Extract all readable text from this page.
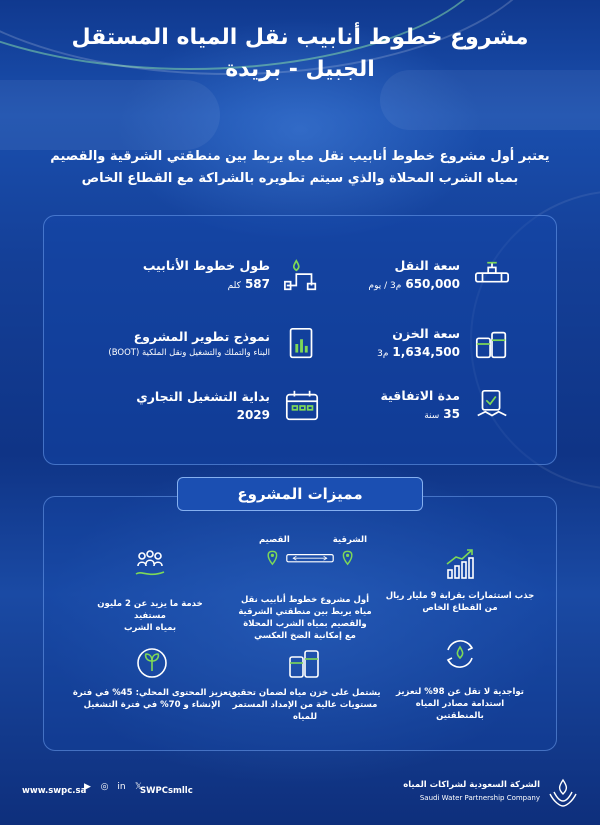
مشروع خطوط أنابيب نقل المياه المستقل
الجبيل - بريدة
يعتبر أول مشروع خطوط أنابيب نقل مياه يربط بين منطقتي الشرقية والقصيم
بمياه الشرب المحلاة والذي سيتم تطويره بالشراكة مع القطاع الخاص
سعة النقل
650,000م3 / يوم
سعة الخزن
1,634,500م3
مدة الاتفاقية
35سنة
طول خطوط الأنابيب
587كلم
نموذج تطوير المشروع
البناء والتملك والتشغيل ونقل الملكية (BOOT)
بداية التشغيل التجاري
2029
مميزات المشروع
الشرقية
القصيم
خدمة ما يزيد عن 2 مليون مستفيد
بمياه الشرب
أول مشروع خطوط أنابيب نقل
مياه يربط بين منطقتي الشرقية
والقصيم بمياه الشرب المحلاة
مع إمكانية الضخ العكسي
جذب استثمارات بقرابة 9 مليار ريال
من القطاع الخاص
تعزيز المحتوى المحلي: 45% في فترة
الإنشاء و 70% في فترة التشغيل
يشتمل على خزن مياه لضمان تحقيق
مستويات عالية من الإمداد المستمر للمياه
تواجدية لا تقل عن 98% لتعزيز
استدامة مصادر المياه
بالمنطقتين
www.swpc.sa	𝕏
in
◎
▶	SWPCsmllc
الشركة السعودية لشراكات المياه
Saudi Water Partnership Company
